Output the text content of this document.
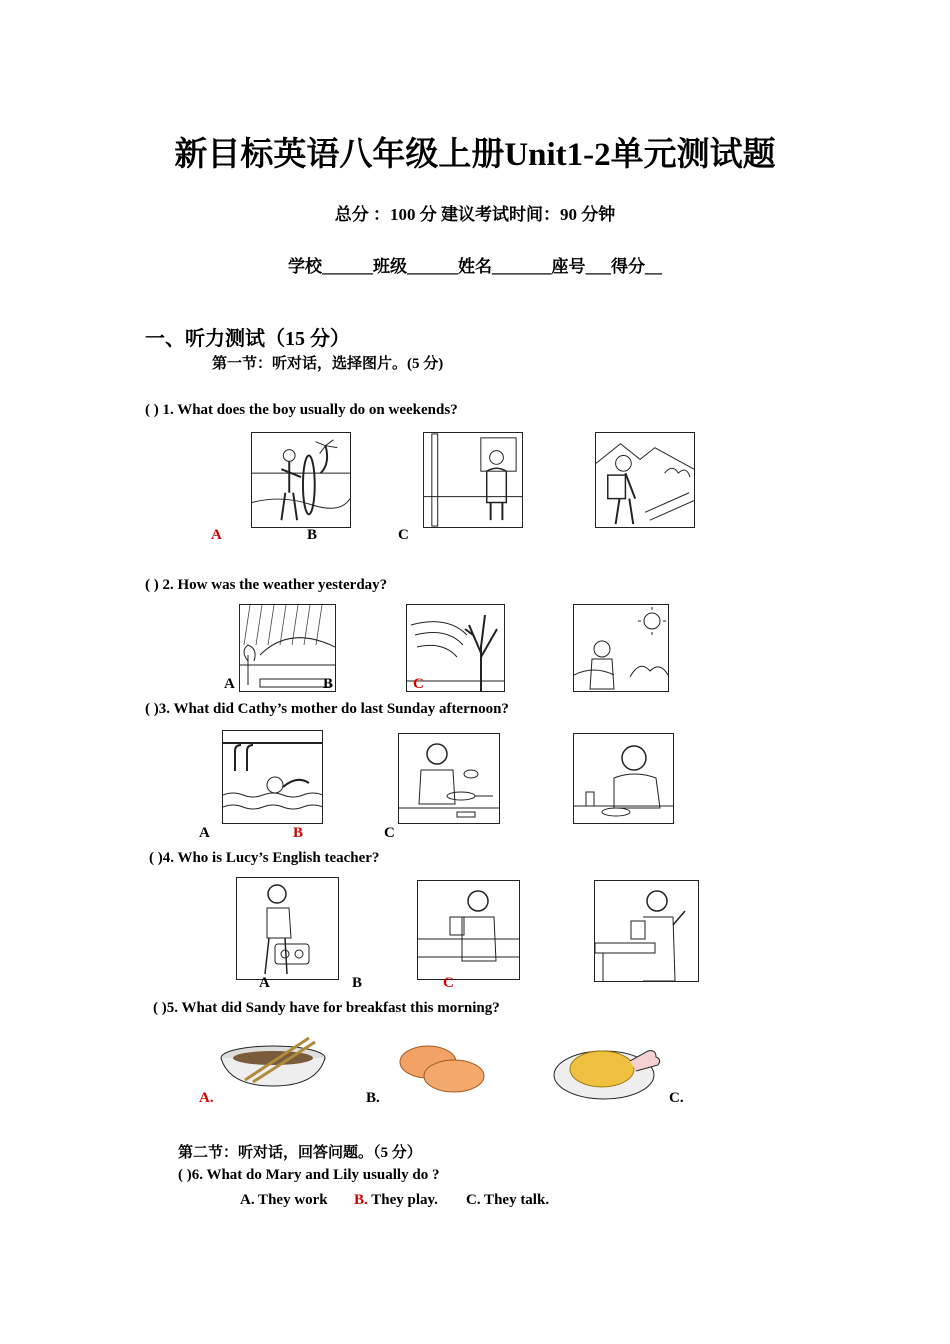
新目标英语八年级上册Unit1-2单元测试题
总分 ：100 分 建议考试时间：90 分钟
学校______班级______姓名_______座号___得分__
一、听力测试（15 分）
第一节：听对话，选择图片。(5 分)
( ) 1. What does the boy usually do on weekends?
A	B	C
( ) 2. How was the weather yesterday?
A	B	C
( )3. What did Cathy’s mother do last Sunday afternoon?
A	B	C
( )4. Who is Lucy’s English teacher?
A	B	C
( )5. What did Sandy have for breakfast this morning?
A.	B.	C.
第二节：听对话，回答问题。（5 分）
( )6. What do Mary and Lily usually do ?
A. They work B. They play. C. They talk.
